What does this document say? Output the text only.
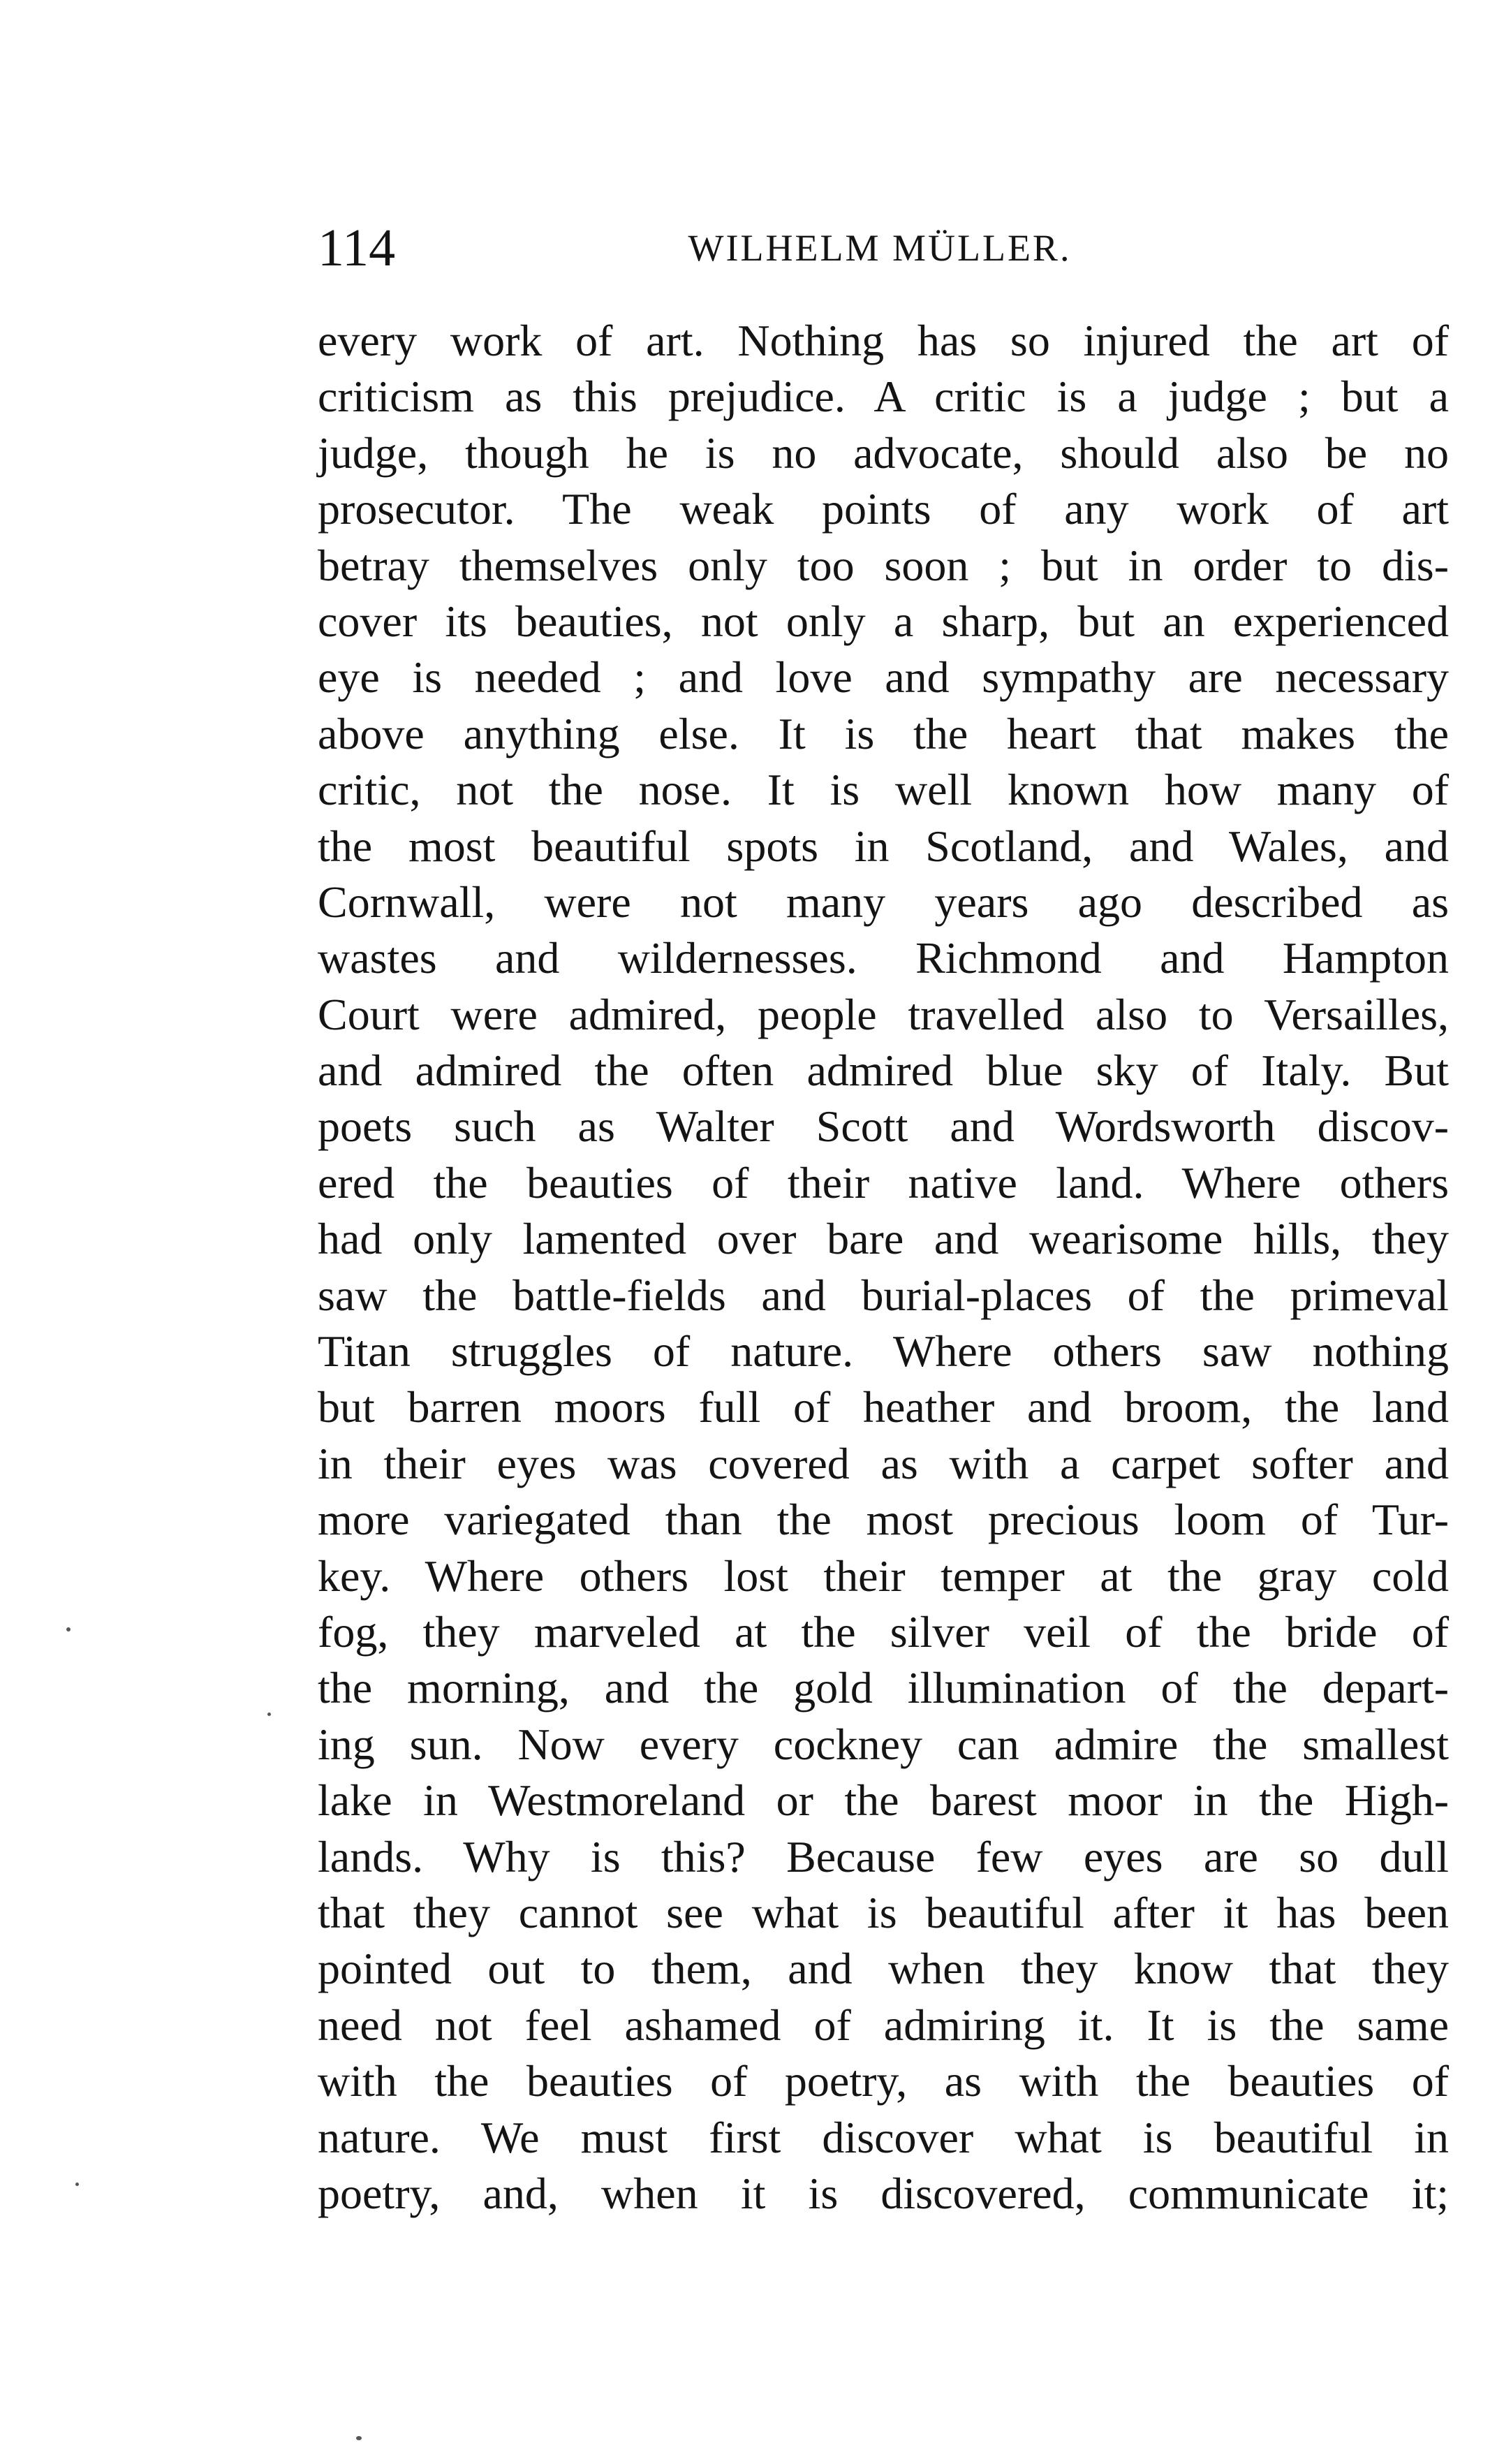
114	WILHELM MÜLLER.
every work of art. Nothing has so injured the art of
criticism as this prejudice. A critic is a judge ; but a
judge, though he is no advocate, should also be no
prosecutor. The weak points of any work of art
betray themselves only too soon ; but in order to dis-
cover its beauties, not only a sharp, but an experienced
eye is needed ; and love and sympathy are necessary
above anything else. It is the heart that makes the
critic, not the nose. It is well known how many of
the most beautiful spots in Scotland, and Wales, and
Cornwall, were not many years ago described as
wastes and wildernesses. Richmond and Hampton
Court were admired, people travelled also to Versailles,
and admired the often admired blue sky of Italy. But
poets such as Walter Scott and Wordsworth discov-
ered the beauties of their native land. Where others
had only lamented over bare and wearisome hills, they
saw the battle-fields and burial-places of the primeval
Titan struggles of nature. Where others saw nothing
but barren moors full of heather and broom, the land
in their eyes was covered as with a carpet softer and
more variegated than the most precious loom of Tur-
key. Where others lost their temper at the gray cold
fog, they marveled at the silver veil of the bride of
the morning, and the gold illumination of the depart-
ing sun. Now every cockney can admire the smallest
lake in Westmoreland or the barest moor in the High-
lands. Why is this? Because few eyes are so dull
that they cannot see what is beautiful after it has been
pointed out to them, and when they know that they
need not feel ashamed of admiring it. It is the same
with the beauties of poetry, as with the beauties of
nature. We must first discover what is beautiful in
poetry, and, when it is discovered, communicate it;
